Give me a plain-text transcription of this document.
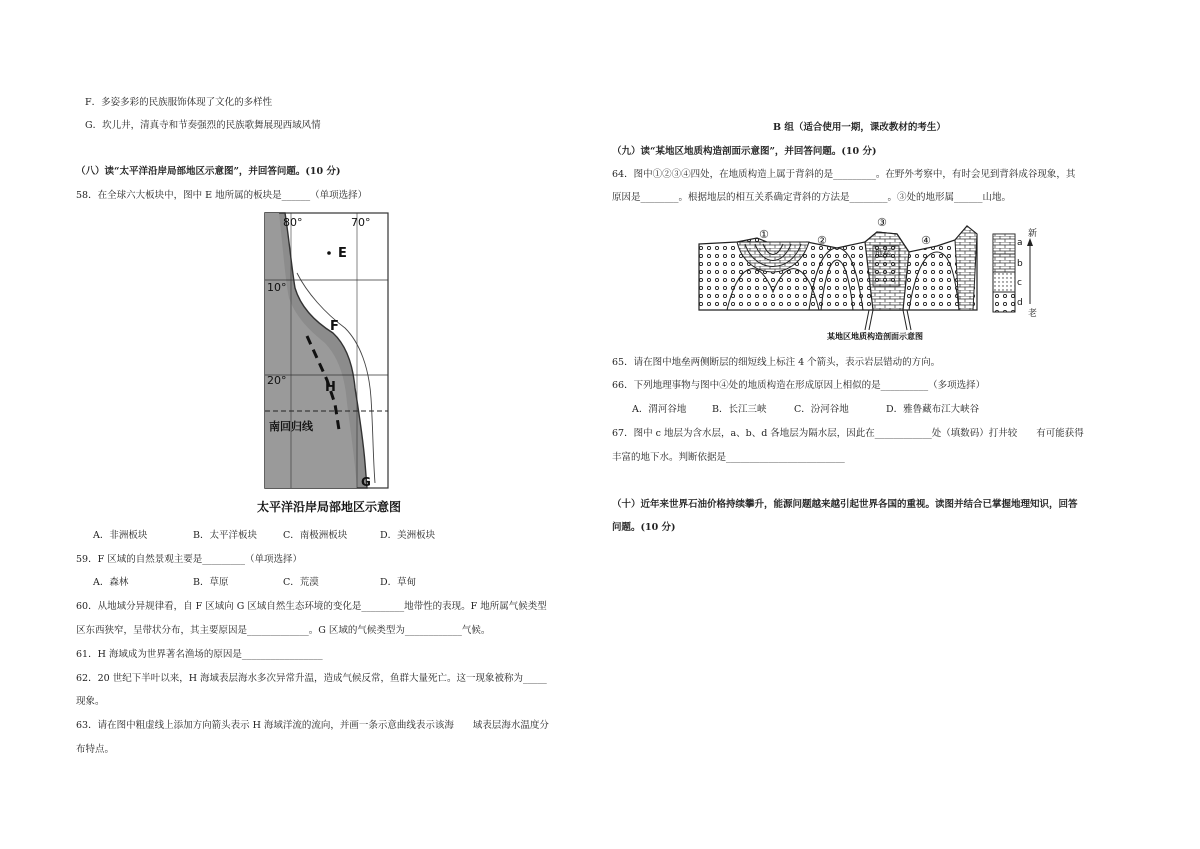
F．多姿多彩的民族服饰体现了文化的多样性
G．坎儿井，清真寺和节奏强烈的民族歌舞展现西域风情
（八）读“太平洋沿岸局部地区示意图”，并回答问题。(10 分)
58．在全球六大板块中，图中 E 地所属的板块是______（单项选择）
80°	70°
10°
20°
E
F
H
G
南回归线
太平洋沿岸局部地区示意图
A．非洲板块	B．太平洋板块	C．南极洲板块	D．美洲板块
59．F 区域的自然景观主要是_________（单项选择）
A．森林	B．草原	C．荒漠	D．草甸
60．从地域分异规律看，自 F 区域向 G 区域自然生态环境的变化是_________地带性的表现。F 地所属气候类型
区东西狭窄，呈带状分布，其主要原因是_____________。G 区域的气候类型为____________气候。
61．H 海域成为世界著名渔场的原因是_________________
62．20 世纪下半叶以来，H 海域表层海水多次异常升温，造成气候反常，鱼群大量死亡。这一现象被称为_____
现象。
63．请在图中粗虚线上添加方向箭头表示 H 海域洋流的流向，并画一条示意曲线表示该海　　域表层海水温度分
布特点。
B 组（适合使用一期，课改教材的考生）
（九）读“某地区地质构造剖面示意图”，并回答问题。(10 分)
64．图中①②③④四处，在地质构造上属于背斜的是_________。在野外考察中，有时会见到背斜成谷现象，其
原因是________。根据地层的相互关系确定背斜的方法是________。③处的地形属______山地。
①	②
③
④
地垒
新
老
a
b
c
d
某地区地质构造剖面示意图
65．请在图中地垒两侧断层的细短线上标注 4 个箭头，表示岩层错动的方向。
66．下列地理事物与图中④处的地质构造在形成原因上相似的是__________（多项选择）
A．渭河谷地	B．长江三峡	C．汾河谷地	D．雅鲁藏布江大峡谷
67．图中 c 地层为含水层，a、b、d 各地层为隔水层，因此在____________处（填数码）打井较　　有可能获得
丰富的地下水。判断依据是_________________________
（十）近年来世界石油价格持续攀升，能源问题越来越引起世界各国的重视。读图并结合已掌握地理知识，回答
问题。(10 分)
